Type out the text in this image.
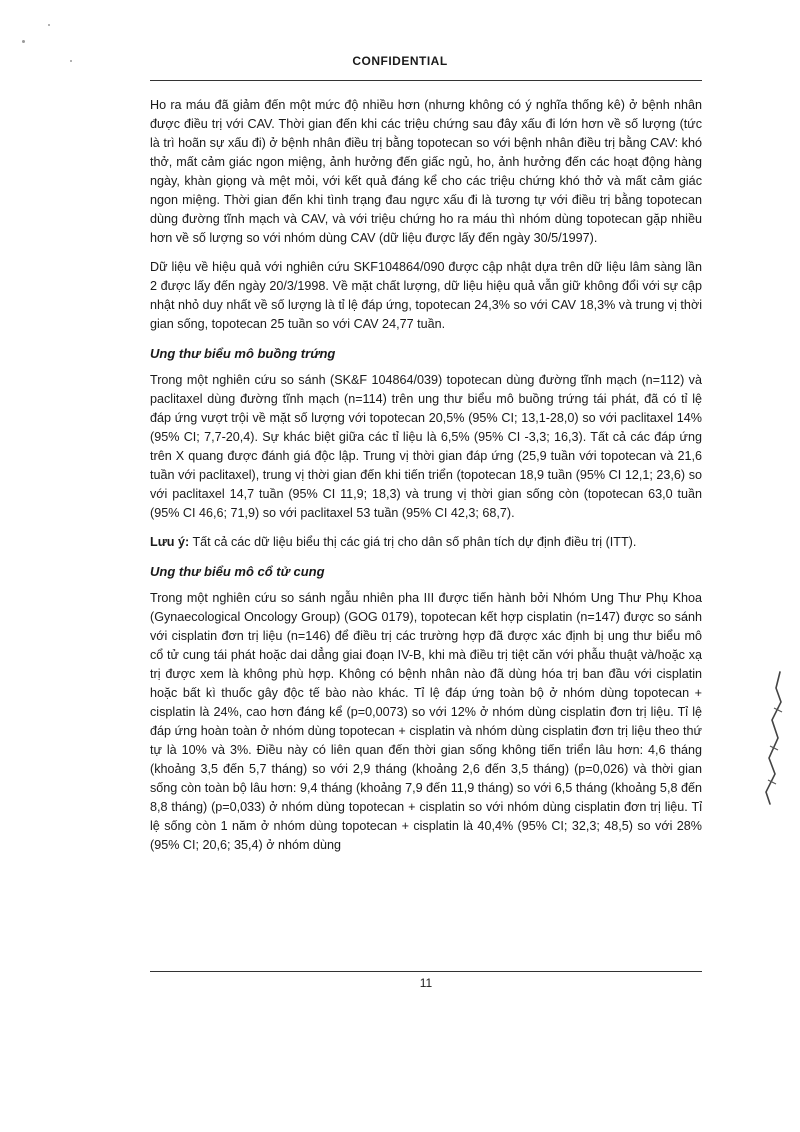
CONFIDENTIAL

Ho ra máu đã giảm đến một mức độ nhiều hơn (nhưng không có ý nghĩa thống kê) ở bệnh nhân được điều trị với CAV. Thời gian đến khi các triệu chứng sau đây xấu đi lớn hơn về số lượng (tức là trì hoãn sự xấu đi) ở bệnh nhân điều trị bằng topotecan so với bệnh nhân điều trị bằng CAV: khó thở, mất cảm giác ngon miệng, ảnh hưởng đến giấc ngủ, ho, ảnh hưởng đến các hoạt động hàng ngày, khàn giọng và mệt mỏi, với kết quả đáng kể cho các triệu chứng khó thở và mất cảm giác ngon miệng. Thời gian đến khi tình trạng đau ngực xấu đi là tương tự với điều trị bằng topotecan dùng đường tĩnh mạch và CAV, và với triệu chứng ho ra máu thì nhóm dùng topotecan gặp nhiều hơn về số lượng so với nhóm dùng CAV (dữ liệu được lấy đến ngày 30/5/1997).

Dữ liệu về hiệu quả với nghiên cứu SKF104864/090 được cập nhật dựa trên dữ liệu lâm sàng lần 2 được lấy đến ngày 20/3/1998. Về mặt chất lượng, dữ liệu hiệu quả vẫn giữ không đổi với sự cập nhật nhỏ duy nhất về số lượng là tỉ lệ đáp ứng, topotecan 24,3% so với CAV 18,3% và trung vị thời gian sống, topotecan 25 tuần so với CAV 24,77 tuần.

Ung thư biểu mô buồng trứng

Trong một nghiên cứu so sánh (SK&F 104864/039) topotecan dùng đường tĩnh mạch (n=112) và paclitaxel dùng đường tĩnh mạch (n=114) trên ung thư biểu mô buồng trứng tái phát, đã có tỉ lệ đáp ứng vượt trội về mặt số lượng với topotecan 20,5% (95% CI; 13,1-28,0) so với paclitaxel 14% (95% CI; 7,7-20,4). Sự khác biệt giữa các tỉ liệu là 6,5% (95% CI -3,3; 16,3). Tất cả các đáp ứng trên X quang được đánh giá độc lập. Trung vị thời gian đáp ứng (25,9 tuần với topotecan và 21,6 tuần với paclitaxel), trung vị thời gian đến khi tiến triển (topotecan 18,9 tuần (95% CI 12,1; 23,6) so với paclitaxel 14,7 tuần (95% CI 11,9; 18,3) và trung vị thời gian sống còn (topotecan 63,0 tuần (95% CI 46,6; 71,9) so với paclitaxel 53 tuần (95% CI 42,3; 68,7).

Lưu ý: Tất cả các dữ liệu biểu thị các giá trị cho dân số phân tích dự định điều trị (ITT).

Ung thư biểu mô cổ tử cung

Trong một nghiên cứu so sánh ngẫu nhiên pha III được tiến hành bởi Nhóm Ung Thư Phụ Khoa (Gynaecological Oncology Group) (GOG 0179), topotecan kết hợp cisplatin (n=147) được so sánh với cisplatin đơn trị liệu (n=146) để điều trị các trường hợp đã được xác định bị ung thư biểu mô cổ tử cung tái phát hoặc dai dẳng giai đoạn IV-B, khi mà điều trị tiệt căn với phẫu thuật và/hoặc xạ trị được xem là không phù hợp. Không có bệnh nhân nào đã dùng hóa trị ban đầu với cisplatin hoặc bất kì thuốc gây độc tế bào nào khác. Tỉ lệ đáp ứng toàn bộ ở nhóm dùng topotecan + cisplatin là 24%, cao hơn đáng kể (p=0,0073) so với 12% ở nhóm dùng cisplatin đơn trị liệu. Tỉ lệ đáp ứng hoàn toàn ở nhóm dùng topotecan + cisplatin và nhóm dùng cisplatin đơn trị liệu theo thứ tự là 10% và 3%. Điều này có liên quan đến thời gian sống không tiến triển lâu hơn: 4,6 tháng (khoảng 3,5 đến 5,7 tháng) so với 2,9 tháng (khoảng 2,6 đến 3,5 tháng) (p=0,026) và thời gian sống còn toàn bộ lâu hơn: 9,4 tháng (khoảng 7,9 đến 11,9 tháng) so với 6,5 tháng (khoảng 5,8 đến 8,8 tháng) (p=0,033) ở nhóm dùng topotecan + cisplatin so với nhóm dùng cisplatin đơn trị liệu. Tỉ lệ sống còn 1 năm ở nhóm dùng topotecan + cisplatin là 40,4% (95% CI; 32,3; 48,5) so với 28% (95% CI; 20,6; 35,4) ở nhóm dùng

11
